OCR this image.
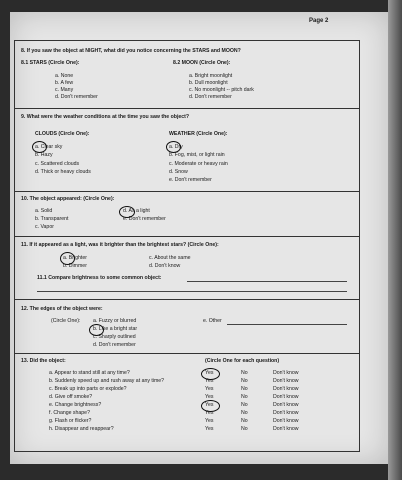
Page 2
8. If you saw the object at NIGHT, what did you notice concerning the STARS and MOON?
8.1 STARS (Circle One):	8.2 MOON (Circle One):
a. None
b. A few
c. Many
d. Don't remember
a. Bright moonlight
b. Dull moonlight
c. No moonlight -- pitch dark
d. Don't remember
9. What were the weather conditions at the time you saw the object?
CLOUDS (Circle One):	WEATHER (Circle One):
a. Clear sky
b. Hazy
c. Scattered clouds
d. Thick or heavy clouds
a. Dry
b. Fog, mist, or light rain
c. Moderate or heavy rain
d. Snow
e. Don't remember
10. The object appeared: (Circle One):
a. Solid
b. Transparent
c. Vapor
d. As a light
e. Don't remember
11. If it appeared as a light, was it brighter than the brightest stars? (Circle One):
a. Brighter
b. Dimmer
c. About the same
d. Don't know
11.1 Compare brightness to some common object:
12. The edges of the object were:
(Circle One): a. Fuzzy or blurred
b. Like a bright star
c. Sharply outlined
d. Don't remember
e. Other
13. Did the object:	(Circle One for each question)
a. Appear to stand still at any time?	Yes	No	Don't know
b. Suddenly speed up and rush away at any time?	Yes	No	Don't know
c. Break up into parts or explode?	Yes	No	Don't know
d. Give off smoke?	Yes	No	Don't know
e. Change brightness?	Yes	No	Don't know
f. Change shape?	Yes	No	Don't know
g. Flash or flicker?	Yes	No	Don't know
h. Disappear and reappear?	Yes	No	Don't know
